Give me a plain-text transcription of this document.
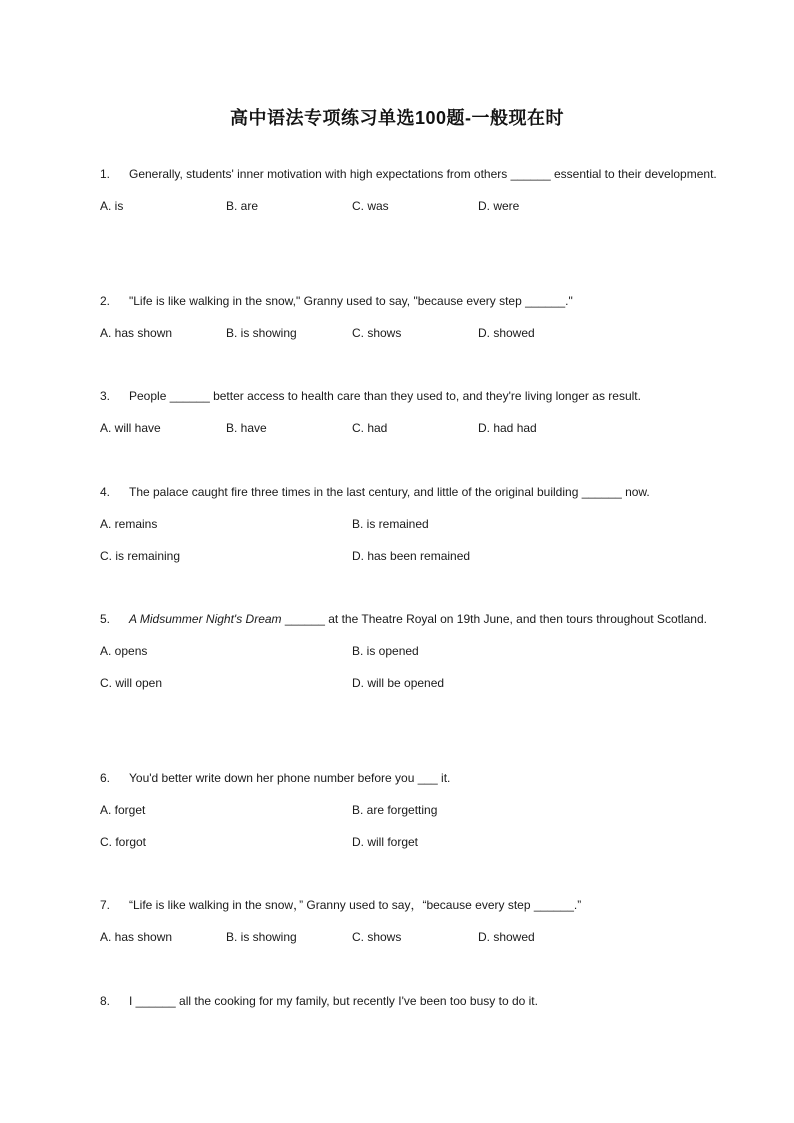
高中语法专项练习单选100题-一般现在时
1. Generally, students' inner motivation with high expectations from others ______ essential to their development.
A. is	B. are	C. was	D. were
2. "Life is like walking in the snow," Granny used to say, "because every step ______."
A. has shown	B. is showing	C. shows	D. showed
3. People ______ better access to health care than they used to, and they're living longer as result.
A. will have	B. have	C. had	D. had had
4. The palace caught fire three times in the last century, and little of the original building ______ now.
A. remains	B. is remained
C. is remaining	D. has been remained
5. A Midsummer Night's Dream ______ at the Theatre Royal on 19th June, and then tours throughout Scotland.
A. opens	B. is opened
C. will open	D. will be opened
6. You'd better write down her phone number before you ___ it.
A. forget	B. are forgetting
C. forgot	D. will forget
7. “Life is like walking in the snow，” Granny used to say，“because every step ______.”
A. has shown	B. is showing	C. shows	D. showed
8. I ______ all the cooking for my family, but recently I've been too busy to do it.
